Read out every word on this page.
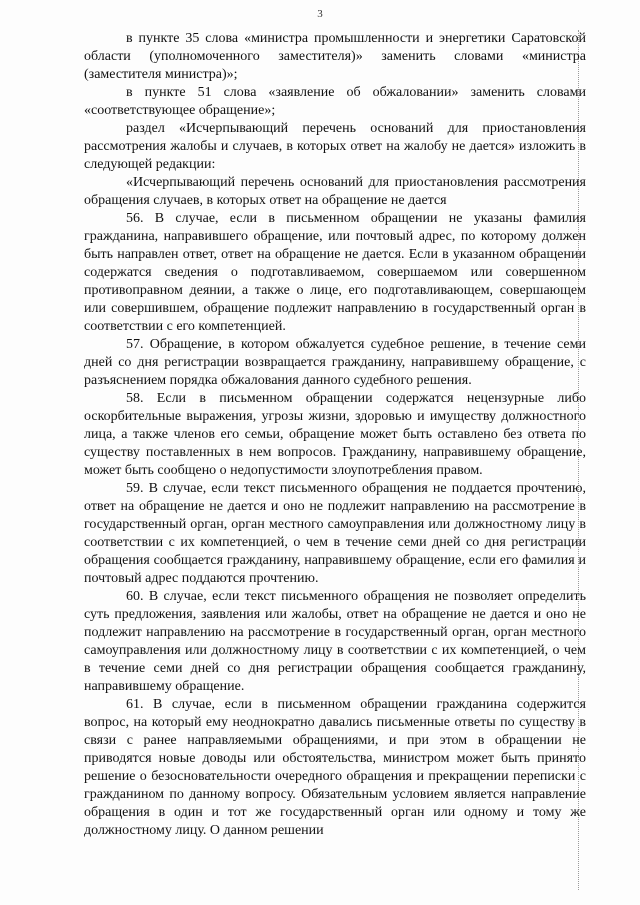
3

в пункте 35 слова «министра промышленности и энергетики Саратовской области (уполномоченного заместителя)» заменить словами «министра (заместителя министра)»;

в пункте 51 слова «заявление об обжаловании» заменить словами «соответствующее обращение»;

раздел «Исчерпывающий перечень оснований для приостановления рассмотрения жалобы и случаев, в которых ответ на жалобу не дается» изложить в следующей редакции:

«Исчерпывающий перечень оснований для приостановления рассмотрения обращения случаев, в которых ответ на обращение не дается

56. В случае, если в письменном обращении не указаны фамилия гражданина, направившего обращение, или почтовый адрес, по которому должен быть направлен ответ, ответ на обращение не дается. Если в указанном обращении содержатся сведения о подготавливаемом, совершаемом или совершенном противоправном деянии, а также о лице, его подготавливающем, совершающем или совершившем, обращение подлежит направлению в государственный орган в соответствии с его компетенцией.

57. Обращение, в котором обжалуется судебное решение, в течение семи дней со дня регистрации возвращается гражданину, направившему обращение, с разъяснением порядка обжалования данного судебного решения.

58. Если в письменном обращении содержатся нецензурные либо оскорбительные выражения, угрозы жизни, здоровью и имуществу должностного лица, а также членов его семьи, обращение может быть оставлено без ответа по существу поставленных в нем вопросов. Гражданину, направившему обращение, может быть сообщено о недопустимости злоупотребления правом.

59. В случае, если текст письменного обращения не поддается прочтению, ответ на обращение не дается и оно не подлежит направлению на рассмотрение в государственный орган, орган местного самоуправления или должностному лицу в соответствии с их компетенцией, о чем в течение семи дней со дня регистрации обращения сообщается гражданину, направившему обращение, если его фамилия и почтовый адрес поддаются прочтению.

60. В случае, если текст письменного обращения не позволяет определить суть предложения, заявления или жалобы, ответ на обращение не дается и оно не подлежит направлению на рассмотрение в государственный орган, орган местного самоуправления или должностному лицу в соответствии с их компетенцией, о чем в течение семи дней со дня регистрации обращения сообщается гражданину, направившему обращение.

61. В случае, если в письменном обращении гражданина содержится вопрос, на который ему неоднократно давались письменные ответы по существу в связи с ранее направляемыми обращениями, и при этом в обращении не приводятся новые доводы или обстоятельства, министром может быть принято решение о безосновательности очередного обращения и прекращении переписки с гражданином по данному вопросу. Обязательным условием является направление обращения в один и тот же государственный орган или одному и тому же должностному лицу. О данном решении
